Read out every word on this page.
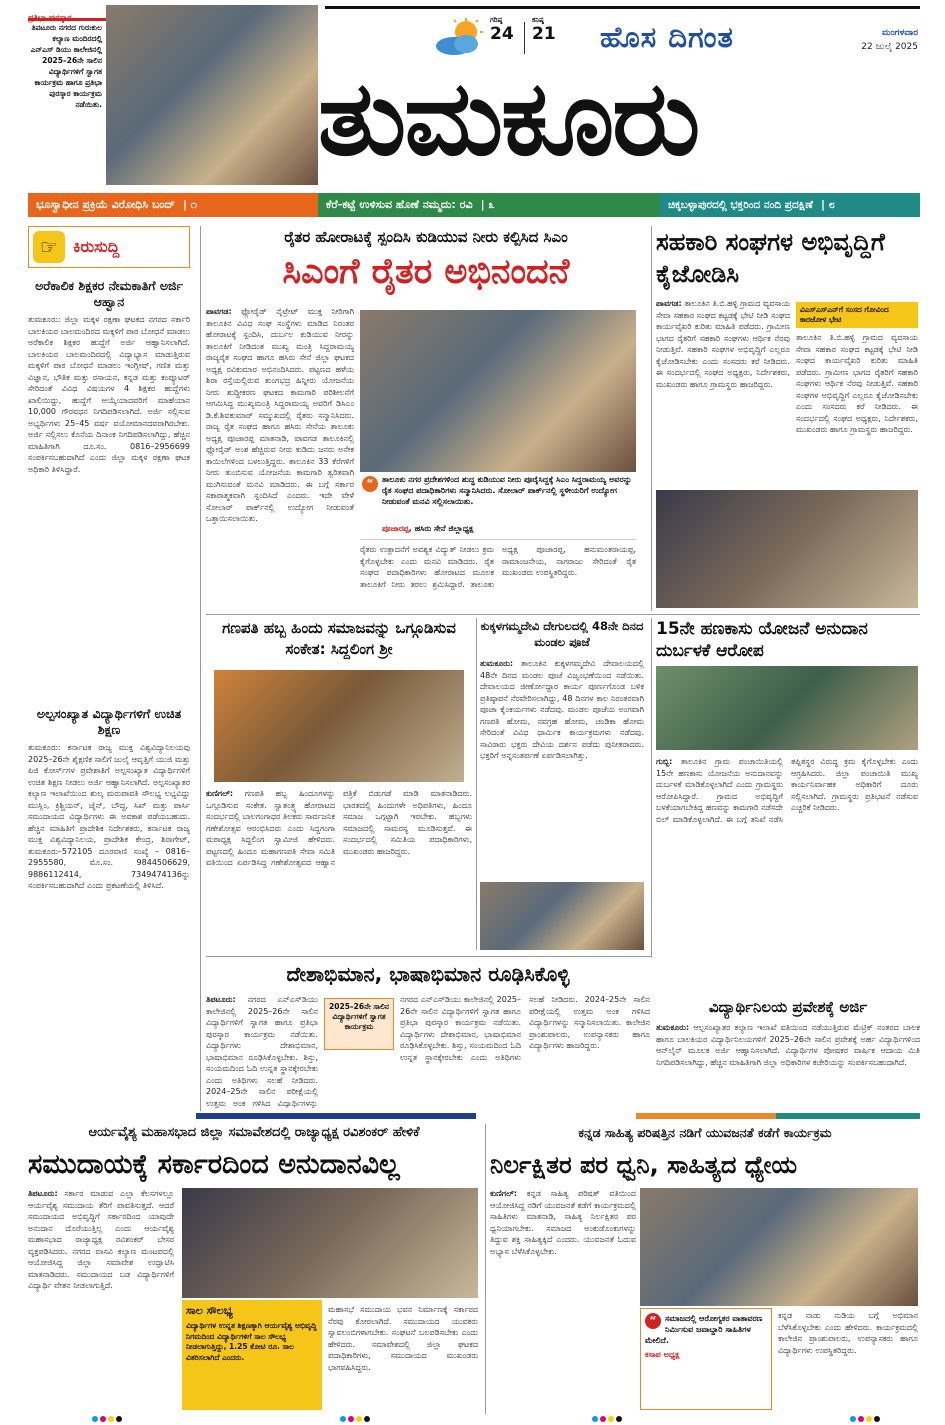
ತಿಪಟೂರು ನಗರದ ಗುರುಕುಲ ಕಲ್ಯಾಣ ಮಂದಿರದಲ್ಲಿ ಎನ್‌ಎಸ್ ಡಿಯು ಕಾಲೇಜಿನಲ್ಲಿ 2025–26ನೇ ಸಾಲಿನ ವಿದ್ಯಾರ್ಥಿಗಳಿಗೆ ಸ್ವಾಗತ ಕಾರ್ಯಕ್ರಮ ಹಾಗೂ ಪ್ರತಿಭಾ ಪುರಸ್ಕಾರ ಕಾರ್ಯಕ್ರಮ ನಡೆಯಿತು.
ಗರಿಷ್ಠ
24
ಕನಿಷ್ಠ
21	ಹೊಸ ದಿಗಂತ	ಮಂಗಳವಾರ
22 ಜುಲೈ 2025
ತುಮಕೂರು
ಭೂಸ್ವಾಧೀನ ಪ್ರಕ್ರಿಯೆ ವಿರೋಧಿಸಿ ಬಂದ್ | ೧	ಕೆರೆ-ಕಟ್ಟೆ ಉಳಿಸುವ ಹೊಣೆ ನಮ್ಮದು: ರವಿ | ೩	ಚಿಕ್ಕಬಳ್ಳಾಪುರದಲ್ಲಿ ಭಕ್ತರಿಂದ ನಂದಿ ಪ್ರದಕ್ಷಿಣೆ | ೮
☞ ಕಿರುಸುದ್ದಿ
ಅರೆಕಾಲಿಕ ಶಿಕ್ಷಕರ ನೇಮಕಾತಿಗೆ ಅರ್ಜಿ ಆಹ್ವಾನ
ತುಮಕೂರು: ಜಿಲ್ಲಾ ಮಕ್ಕಳ ರಕ್ಷಣಾ ಘಟಕದ ನಗರದ ಸರ್ಕಾರಿ ಬಾಲಕಿಯರ ಬಾಲಮಂದಿರದ ಮಕ್ಕಳಿಗೆ ಪಾಠ ಬೋಧನೆ ಮಾಡಲು ಅರೆಕಾಲಿಕ ಶಿಕ್ಷಕರ ಹುದ್ದೆಗೆ ಅರ್ಜಿ ಆಹ್ವಾನಿಸಲಾಗಿದೆ. ಬಾಲಕಿಯರ ಬಾಲಮಂದಿರದಲ್ಲಿ ವಿದ್ಯಾಭ್ಯಾಸ ಮಾಡುತ್ತಿರುವ ಮಕ್ಕಳಿಗೆ ಪಾಠ ಬೋಧನೆ ಮಾಡಲು ಇಂಗ್ಲೀಷ್, ಗಣಿತ ಮತ್ತು ವಿಜ್ಞಾನ, ಭೌತಿಕ ಮತ್ತು ರಸಾಯನ, ಕನ್ನಡ ಮತ್ತು ಕಂಪ್ಯೂಟರ್ ಸೇರಿದಂತೆ ವಿವಿಧ ವಿಷಯಗಳ 4 ಶಿಕ್ಷಕರ ಹುದ್ದೆಗಳು ಖಾಲಿಯಿದ್ದು, ಹುದ್ದೆಗೆ ಆಯ್ಕೆಯಾದವರಿಗೆ ಮಾಹೆಯಾನ 10,000 ಗೌರವಧನ ನಿಗದಿಪಡಿಸಲಾಗಿದೆ. ಅರ್ಜಿ ಸಲ್ಲಿಸುವ ಅಭ್ಯರ್ಥಿಗಳು 25–45 ವರ್ಷ ವಯೋಮಾನದವರಾಗಿರಬೇಕು. ಅರ್ಜಿ ಸಲ್ಲಿಸಲು ಕೊನೆಯ ದಿನಾಂಕ ನಿಗದಿಪಡಿಸಲಾಗಿದ್ದು, ಹೆಚ್ಚಿನ ಮಾಹಿತಿಗಾಗಿ ದೂ.ಸಂ. 0816–2956699 ಸಂಪರ್ಕಿಸಬಹುದಾಗಿದೆ ಎಂದು ಜಿಲ್ಲಾ ಮಕ್ಕಳ ರಕ್ಷಣಾ ಘಟಕ ಅಧಿಕಾರಿ ತಿಳಿಸಿದ್ದಾರೆ.
ಅಲ್ಪಸಂಖ್ಯಾತ ವಿದ್ಯಾರ್ಥಿಗಳಿಗೆ ಉಚಿತ ಶಿಕ್ಷಣ
ತುಮಕೂರು: ಕರ್ನಾಟಕ ರಾಜ್ಯ ಮುಕ್ತ ವಿಶ್ವವಿದ್ಯಾನಿಲಯವು 2025–26ನೇ ಶೈಕ್ಷಣಿಕ ಸಾಲಿಗೆ ಜುಲೈ ಆವೃತ್ತಿಗೆ ಯುಜಿ ಮತ್ತು ಪಿಜಿ ಕೋರ್ಸ್‌ಗಳ ಪ್ರವೇಶಾತಿಗೆ ಅಲ್ಪಸಂಖ್ಯಾತ ವಿದ್ಯಾರ್ಥಿಗಳಿಗೆ ಉಚಿತ ಶಿಕ್ಷಣ ನೀಡಲು ಅರ್ಜಿ ಆಹ್ವಾನಿಸಲಾಗಿದೆ. ಅಲ್ಪಸಂಖ್ಯಾತರ ಕಲ್ಯಾಣ ಇಲಾಖೆಯಿಂದ ಶುಲ್ಕ ಮರುಪಾವತಿ ಸೌಲಭ್ಯ ಲಭ್ಯವಿದ್ದು ಮುಸ್ಲಿಂ, ಕ್ರಿಶ್ಚಿಯನ್, ಜೈನ್, ಬೌದ್ಧ, ಸಿಖ್ ಮತ್ತು ಪಾರ್ಸಿ ಸಮುದಾಯದ ವಿದ್ಯಾರ್ಥಿಗಳು ಈ ಅವಕಾಶ ಪಡೆಯಬಹುದು. ಹೆಚ್ಚಿನ ಮಾಹಿತಿಗೆ ಪ್ರಾದೇಶಿಕ ನಿರ್ದೇಶಕರು, ಕರ್ನಾಟಕ ರಾಜ್ಯ ಮುಕ್ತ ವಿಶ್ವವಿದ್ಯಾನಿಲಯ, ಪ್ರಾದೇಶಿಕ ಕೇಂದ್ರ, ಶಿರಾಗೇಟ್, ತುಮಕೂರು–572105 ದೂರವಾಣಿ ಸಂಖ್ಯೆ – 0816–2955580, ಮೊ.ಸಂ. 9844506629, 9886112414, 7349474136ನ್ನು ಸಂಪರ್ಕಿಸಬಹುದಾಗಿದೆ ಎಂದು ಪ್ರಕಟಣೆಯಲ್ಲಿ ತಿಳಿಸಿದೆ.
ರೈತರ ಹೋರಾಟಕ್ಕೆ ಸ್ಪಂದಿಸಿ ಕುಡಿಯುವ ನೀರು ಕಲ್ಪಿಸಿದ ಸಿಎಂ
ಸಿಎಂಗೆ ರೈತರ ಅಭಿನಂದನೆ
ಪಾವಗಡ: ಫ್ಲೋರೈಡ್ ನೈಟ್ರೇಟ್ ಮುಕ್ತ ನೀರಿಗಾಗಿ ತಾಲೂಕಿನ ವಿವಿಧ ಸಂಘ ಸಂಸ್ಥೆಗಳು ಮಾಡಿದ ನಿರಂತರ ಹೋರಾಟಕ್ಕೆ ಸ್ಪಂದಿಸಿ, ದುರ್ಬಲ ಕುಡಿಯುವ ನೀರನ್ನು ತಾಲೂಕಿಗೆ ನೀಡಿದಂತ ಮುಖ್ಯ ಮಂತ್ರಿ ಸಿದ್ದರಾಮಯ್ಯ ರಾಜ್ಯರೈತ ಸಂಘದ ಹಾಗೂ ಹಸಿರು ಸೇನೆ ಜಿಲ್ಲಾ ಘಟಕದ ಅಧ್ಯಕ್ಷ ರವಿಕುಮಾರ ಅಭಿನಂದಿಸಿದರು. ಪಟ್ಟಣದ ಹಳೆಯ ಶಿರಾ ರಸ್ತೆಯಲ್ಲಿರುವ ತುಂಗಭದ್ರ ಹಿನ್ನೀರು ಯೋಜನೆಯ ನೀರು ಶುದ್ಧೀಕರಣ ಘಟಕದ ಕಾಮಗಾರಿ ಪರಿಶೀಲನೆಗೆ ಆಗಮಿಸಿದ್ದ ಮುಖ್ಯಮಂತ್ರಿ ಸಿದ್ದರಾಮಯ್ಯ ಅವರಿಗೆ ಡಿಸಿಎಂ ಡಿ.ಕೆ.ಶಿವಕುಮಾರ್ ಸಮ್ಮುಖದಲ್ಲಿ ರೈತರು ಸನ್ಮಾನಿಸಿದರು. ರಾಜ್ಯ ರೈತ ಸಂಘದ ಹಾಗೂ ಹಸಿರು ಸೇನೆಯ ತಾಲೂಕು ಅಧ್ಯಕ್ಷ ಪೂಜಾರಪ್ಪ ಮಾತನಾಡಿ, ಪಾವಗಡ ತಾಲೂಕಿನಲ್ಲಿ ಫ್ಲೋರೈಡ್ ಅಂಶ ಹೆಚ್ಚಿರುವ ನೀರು ಕುಡಿದು ಜನರು ಅನೇಕ ಕಾಯಿಲೆಗಳಿಂದ ಬಳಲುತ್ತಿದ್ದರು. ತಾಲೂಕಿನ 33 ಕೆರೆಗಳಿಗೆ ನೀರು ತುಂಬಿಸುವ ಯೋಜನೆಯ ಕಾಮಗಾರಿ ತ್ವರಿತವಾಗಿ ಮುಗಿಸುವಂತೆ ಮನವಿ ಮಾಡಿದರು. ಈ ಬಗ್ಗೆ ಸರ್ಕಾರ ಸಕಾರಾತ್ಮಕವಾಗಿ ಸ್ಪಂದಿಸಿದೆ ಎಂದರು. ಇದೇ ವೇಳೆ ಸೋಲಾರ್ ಪಾರ್ಕ್‌ನಲ್ಲಿ ಉದ್ಯೋಗ ನೀಡುವಂತೆ ಒತ್ತಾಯಿಸಲಾಯಿತು.
“	ತಾಲೂಕು ನಗರ ಪ್ರದೇಶಗಳಿಂದ ಶುದ್ಧ ಕುಡಿಯುವ ನೀರು ಪೂರೈಸಿದ್ದಕ್ಕೆ ಸಿಎಂ ಸಿದ್ದರಾಮಯ್ಯ ಅವರನ್ನು ರೈತ ಸಂಘದ ಪದಾಧಿಕಾರಿಗಳು ಸನ್ಮಾನಿಸಿದರು. ಸೋಲಾರ್ ಪಾರ್ಕ್‌ನಲ್ಲಿ ಸ್ಥಳೀಯರಿಗೆ ಉದ್ಯೋಗ ನೀಡುವಂತೆ ಮನವಿ ಸಲ್ಲಿಸಲಾಯಿತು.
ಪೂಜಾರಪ್ಪ, ಹಸಿರು ಸೇನೆ ಜಿಲ್ಲಾಧ್ಯಕ್ಷ
ರೈತರು ಉತ್ಪಾದನೆಗೆ ಅವಶ್ಯಕ ವಿದ್ಯುತ್ ನೀಡಲು ಕ್ರಮ ಕೈಗೊಳ್ಳಬೇಕು ಎಂದು ಮನವಿ ಮಾಡಿದರು. ರೈತ ಸಂಘದ ಪದಾಧಿಕಾರಿಗಳು ಹೋರಾಟದ ಮೂಲಕ ತಾಲೂಕಿಗೆ ನೀರು ತರಲು ಶ್ರಮಿಸಿದ್ದಾರೆ. ತಾಲೂಕು ಅಧ್ಯಕ್ಷ ಪೂಜಾರಪ್ಪ, ಹನುಮಂತರಾಯಪ್ಪ, ರಾಮಾಂಜನೇಯ, ನಾಗರಾಜು ಸೇರಿದಂತೆ ರೈತ ಮುಖಂಡರು ಉಪಸ್ಥಿತರಿದ್ದರು.
ಸಹಕಾರಿ ಸಂಘಗಳ ಅಭಿವೃದ್ದಿಗೆ ಕೈಜೋಡಿಸಿ
ಪಾವಗಡ: ತಾಲೂಕಿನ ತಿ.ಬಿ.ಹಳ್ಳಿ ಗ್ರಾಮದ ವ್ಯವಸಾಯ ಸೇವಾ ಸಹಕಾರ ಸಂಘದ ಕಟ್ಟಡಕ್ಕೆ ಭೇಟಿ ನೀಡಿ ಸಂಘದ ಕಾರ್ಯವೈಖರಿ ಕುರಿತು ಮಾಹಿತಿ ಪಡೆದರು. ಗ್ರಾಮೀಣ ಭಾಗದ ರೈತರಿಗೆ ಸಹಕಾರಿ ಸಂಘಗಳು ಆರ್ಥಿಕ ನೆರವು ನೀಡುತ್ತಿವೆ. ಸಹಕಾರಿ ಸಂಘಗಳ ಅಭಿವೃದ್ಧಿಗೆ ಎಲ್ಲರೂ ಕೈಜೋಡಿಸಬೇಕು ಎಂದು ಸಂಸದರು ಕರೆ ನೀಡಿದರು. ಈ ಸಂದರ್ಭದಲ್ಲಿ ಸಂಘದ ಅಧ್ಯಕ್ಷರು, ನಿರ್ದೇಶಕರು, ಮುಖಂಡರು ಹಾಗೂ ಗ್ರಾಮಸ್ಥರು ಹಾಜರಿದ್ದರು.
ವಿಎಸ್‌ಎಸ್‌ಎನ್‌ಗೆ ಸಂಸದ ಗೋವಿಂದ ಕಾರಜೋಳ ಭೇಟಿ
ತಾಲೂಕಿನ ತಿ.ಬಿ.ಹಳ್ಳಿ ಗ್ರಾಮದ ವ್ಯವಸಾಯ ಸೇವಾ ಸಹಕಾರ ಸಂಘದ ಕಟ್ಟಡಕ್ಕೆ ಭೇಟಿ ನೀಡಿ ಸಂಘದ ಕಾರ್ಯವೈಖರಿ ಕುರಿತು ಮಾಹಿತಿ ಪಡೆದರು. ಗ್ರಾಮೀಣ ಭಾಗದ ರೈತರಿಗೆ ಸಹಕಾರಿ ಸಂಘಗಳು ಆರ್ಥಿಕ ನೆರವು ನೀಡುತ್ತಿವೆ. ಸಹಕಾರಿ ಸಂಘಗಳ ಅಭಿವೃದ್ಧಿಗೆ ಎಲ್ಲರೂ ಕೈಜೋಡಿಸಬೇಕು ಎಂದು ಸಂಸದರು ಕರೆ ನೀಡಿದರು. ಈ ಸಂದರ್ಭದಲ್ಲಿ ಸಂಘದ ಅಧ್ಯಕ್ಷರು, ನಿರ್ದೇಶಕರು, ಮುಖಂಡರು ಹಾಗೂ ಗ್ರಾಮಸ್ಥರು ಹಾಜರಿದ್ದರು.
ಗಣಪತಿ ಹಬ್ಬ ಹಿಂದು ಸಮಾಜವನ್ನು ಒಗ್ಗೂಡಿಸುವ ಸಂಕೇತ: ಸಿದ್ದಲಿಂಗ ಶ್ರೀ
ಕುಣಿಗಲ್: ಗಣಪತಿ ಹಬ್ಬ ಹಿಂದೂಗಳನ್ನು ಒಗ್ಗೂಡಿಸುವ ಸಂಕೇತ. ಸ್ವಾತಂತ್ರ್ಯ ಹೋರಾಟದ ಸಂದರ್ಭದಲ್ಲಿ ಬಾಲಗಂಗಾಧರ ತಿಲಕರು ಸಾರ್ವಜನಿಕ ಗಣೇಶೋತ್ಸವ ಆರಂಭಿಸಿದರು ಎಂದು ಸಿದ್ದಗಂಗಾ ಮಠಾಧ್ಯಕ್ಷ ಸಿದ್ದಲಿಂಗ ಸ್ವಾಮೀಜಿ ಹೇಳಿದರು. ಪಟ್ಟಣದಲ್ಲಿ ಹಿಂದೂ ಮಹಾಗಣಪತಿ ಸೇವಾ ಸಮಿತಿ ವತಿಯಿಂದ ಏರ್ಪಡಿಸಿದ್ದ ಗಣೇಶೋತ್ಸವದ ಆಹ್ವಾನ ಪತ್ರಿಕೆ ಬಿಡುಗಡೆ ಮಾಡಿ ಮಾತನಾಡಿದರು. ಭಾರತದಲ್ಲಿ ಹಿಂದುಗಳೇ ಅಧಿಪತಿಗಳು, ಹಿಂದೂ ಸಮಾಜ ಒಗ್ಗಟ್ಟಾಗಿ ಇರಬೇಕು. ಹಬ್ಬಗಳು ಸಮಾಜದಲ್ಲಿ ಸಾಮರಸ್ಯ ಮೂಡಿಸುತ್ತವೆ. ಈ ಸಂದರ್ಭದಲ್ಲಿ ಸಮಿತಿಯ ಪದಾಧಿಕಾರಿಗಳು, ಮುಖಂಡರು ಹಾಜರಿದ್ದರು.
ಕುಕ್ಕಳಗಮ್ಮದೇವಿ ದೇಗುಲದಲ್ಲಿ 48ನೇ ದಿನದ ಮಂಡಲ ಪೂಜೆ
ತುಮಕೂರು: ತಾಲೂಕಿನ ಕುಕ್ಕಳಗಮ್ಮದೇವಿ ದೇವಾಲಯದಲ್ಲಿ 48ನೇ ದಿನದ ಮಂಡಲ ಪೂಜೆ ವಿಜೃಂಭಣೆಯಿಂದ ನಡೆಯಿತು. ದೇವಾಲಯದ ಜೀರ್ಣೋದ್ಧಾರ ಕಾರ್ಯ ಪೂರ್ಣಗೊಂಡ ಬಳಿಕ ಪ್ರತಿಷ್ಠಾಪನೆ ನೆರವೇರಿಸಲಾಗಿದ್ದು, 48 ದಿನಗಳ ಕಾಲ ನಿರಂತರವಾಗಿ ಪೂಜಾ ಕೈಂಕರ್ಯಗಳು ನಡೆದವು. ಮಂಡಲ ಪೂಜೆಯ ಅಂಗವಾಗಿ ಗಣಪತಿ ಹೋಮ, ನವಗ್ರಹ ಹೋಮ, ಚಂಡಿಕಾ ಹೋಮ ಸೇರಿದಂತೆ ವಿವಿಧ ಧಾರ್ಮಿಕ ಕಾರ್ಯಕ್ರಮಗಳು ನಡೆದವು. ಸಾವಿರಾರು ಭಕ್ತರು ದೇವಿಯ ದರ್ಶನ ಪಡೆದು ಪುನೀತರಾದರು. ಭಕ್ತರಿಗೆ ಅನ್ನಸಂತರ್ಪಣೆ ಏರ್ಪಡಿಸಲಾಗಿತ್ತು.
15ನೇ ಹಣಕಾಸು ಯೋಜನೆ ಅನುದಾನ ದುರ್ಬಳಕೆ ಆರೋಪ
ಗುಬ್ಬಿ: ತಾಲೂಕಿನ ಗ್ರಾಮ ಪಂಚಾಯಿತಿಯಲ್ಲಿ 15ನೇ ಹಣಕಾಸು ಯೋಜನೆಯ ಅನುದಾನವನ್ನು ದುರ್ಬಳಕೆ ಮಾಡಿಕೊಳ್ಳಲಾಗಿದೆ ಎಂದು ಗ್ರಾಮಸ್ಥರು ಆರೋಪಿಸಿದ್ದಾರೆ. ಗ್ರಾಮದ ಅಭಿವೃದ್ಧಿಗೆ ಬಳಕೆಯಾಗಬೇಕಿದ್ದ ಹಣವನ್ನು ಕಾಮಗಾರಿ ನಡೆಸದೇ ಬಿಲ್ ಮಾಡಿಕೊಳ್ಳಲಾಗಿದೆ. ಈ ಬಗ್ಗೆ ತನಿಖೆ ನಡೆಸಿ ತಪ್ಪಿತಸ್ಥರ ವಿರುದ್ಧ ಕ್ರಮ ಕೈಗೊಳ್ಳಬೇಕು ಎಂದು ಆಗ್ರಹಿಸಿದರು. ಜಿಲ್ಲಾ ಪಂಚಾಯಿತಿ ಮುಖ್ಯ ಕಾರ್ಯನಿರ್ವಾಹಕ ಅಧಿಕಾರಿಗೆ ದೂರು ಸಲ್ಲಿಸಲಾಗಿದೆ. ಗ್ರಾಮಸ್ಥರು ಪ್ರತಿಭಟನೆ ನಡೆಸುವ ಎಚ್ಚರಿಕೆ ನೀಡಿದರು.
ದೇಶಾಭಿಮಾನ, ಭಾಷಾಭಿಮಾನ ರೂಢಿಸಿಕೊಳ್ಳಿ
ತಿಪಟೂರು: ನಗರದ ಎನ್‌ಎಸ್‌ಡಿಯು ಕಾಲೇಜಿನಲ್ಲಿ 2025–26ನೇ ಸಾಲಿನ ವಿದ್ಯಾರ್ಥಿಗಳಿಗೆ ಸ್ವಾಗತ ಹಾಗೂ ಪ್ರತಿಭಾ ಪುರಸ್ಕಾರ ಕಾರ್ಯಕ್ರಮ ನಡೆಯಿತು. ವಿದ್ಯಾರ್ಥಿಗಳು ದೇಶಾಭಿಮಾನ, ಭಾಷಾಭಿಮಾನ ರೂಢಿಸಿಕೊಳ್ಳಬೇಕು. ಶಿಸ್ತು, ಸಂಯಮದಿಂದ ಓದಿ ಉನ್ನತ ಸ್ಥಾನಕ್ಕೇರಬೇಕು ಎಂದು ಅತಿಥಿಗಳು ಸಲಹೆ ನೀಡಿದರು. 2024–25ನೇ ಸಾಲಿನ ಪರೀಕ್ಷೆಯಲ್ಲಿ ಉತ್ತಮ ಅಂಕ ಗಳಿಸಿದ ವಿದ್ಯಾರ್ಥಿಗಳನ್ನು
2025–26ನೇ ಸಾಲಿನ ವಿದ್ಯಾರ್ಥಿಗಳಿಗೆ ಸ್ವಾಗತ ಕಾರ್ಯಕ್ರಮ
ನಗರದ ಎನ್‌ಎಸ್‌ಡಿಯು ಕಾಲೇಜಿನಲ್ಲಿ 2025–26ನೇ ಸಾಲಿನ ವಿದ್ಯಾರ್ಥಿಗಳಿಗೆ ಸ್ವಾಗತ ಹಾಗೂ ಪ್ರತಿಭಾ ಪುರಸ್ಕಾರ ಕಾರ್ಯಕ್ರಮ ನಡೆಯಿತು. ವಿದ್ಯಾರ್ಥಿಗಳು ದೇಶಾಭಿಮಾನ, ಭಾಷಾಭಿಮಾನ ರೂಢಿಸಿಕೊಳ್ಳಬೇಕು. ಶಿಸ್ತು, ಸಂಯಮದಿಂದ ಓದಿ ಉನ್ನತ ಸ್ಥಾನಕ್ಕೇರಬೇಕು ಎಂದು ಅತಿಥಿಗಳು ಸಲಹೆ ನೀಡಿದರು. 2024–25ನೇ ಸಾಲಿನ ಪರೀಕ್ಷೆಯಲ್ಲಿ ಉತ್ತಮ ಅಂಕ ಗಳಿಸಿದ ವಿದ್ಯಾರ್ಥಿಗಳನ್ನು ಸನ್ಮಾನಿಸಲಾಯಿತು. ಕಾಲೇಜಿನ ಪ್ರಾಂಶುಪಾಲರು, ಉಪನ್ಯಾಸಕರು ಹಾಗೂ ವಿದ್ಯಾರ್ಥಿಗಳು ಹಾಜರಿದ್ದರು.
ವಿದ್ಯಾರ್ಥಿನಿಲಯ ಪ್ರವೇಶಕ್ಕೆ ಅರ್ಜಿ
ತುಮಕೂರು: ಆಲ್ಪಸಂಖ್ಯಾತರ ಕಲ್ಯಾಣ ಇಲಾಖೆ ವತಿಯಿಂದ ನಡೆಯುತ್ತಿರುವ ಮೆಟ್ರಿಕ್ ನಂತರದ ಬಾಲಕ ಹಾಗೂ ಬಾಲಕಿಯರ ವಿದ್ಯಾರ್ಥಿನಿಲಯಗಳಿಗೆ 2025–26ನೇ ಸಾಲಿನ ಪ್ರವೇಶಕ್ಕೆ ಅರ್ಹ ವಿದ್ಯಾರ್ಥಿಗಳಿಂದ ಆನ್‌ಲೈನ್ ಮೂಲಕ ಅರ್ಜಿ ಆಹ್ವಾನಿಸಲಾಗಿದೆ. ವಿದ್ಯಾರ್ಥಿಗಳ ಪೋಷಕರ ವಾರ್ಷಿಕ ಆದಾಯ ಮಿತಿ ನಿಗದಿಪಡಿಸಲಾಗಿದ್ದು, ಹೆಚ್ಚಿನ ಮಾಹಿತಿಗಾಗಿ ಜಿಲ್ಲಾ ಅಧಿಕಾರಿಗಳ ಕಚೇರಿಯನ್ನು ಸಂಪರ್ಕಿಸಬಹುದಾಗಿದೆ.
ಆರ್ಯವೈಶ್ಯ ಮಹಾಸಭಾದ ಜಿಲ್ಲಾ ಸಮಾವೇಶದಲ್ಲಿ ರಾಜ್ಯಾಧ್ಯಕ್ಷ ರವಿಶಂಕರ್ ಹೇಳಿಕೆ
ಸಮುದಾಯಕ್ಕೆ ಸರ್ಕಾರದಿಂದ ಅನುದಾನವಿಲ್ಲ
ತಿಪಟೂರು: ಸರ್ಕಾರ ಮಾಡುವ ಎಲ್ಲಾ ಕೆಲಸಗಳಲ್ಲೂ ಆರ್ಯವೈಶ್ಯ ಸಮುದಾಯ ತೆರಿಗೆ ಪಾವತಿಸುತ್ತದೆ. ಆದರೆ ಸಮುದಾಯದ ಅಭಿವೃದ್ಧಿಗೆ ಸರ್ಕಾರದಿಂದ ಯಾವುದೇ ಅನುದಾನ ದೊರೆಯುತ್ತಿಲ್ಲ ಎಂದು ಆರ್ಯವೈಶ್ಯ ಮಹಾಸಭಾದ ರಾಜ್ಯಾಧ್ಯಕ್ಷ ರವಿಶಂಕರ್ ಬೇಸರ ವ್ಯಕ್ತಪಡಿಸಿದರು. ನಗರದ ವಾಸವಿ ಕಲ್ಯಾಣ ಮಂಟಪದಲ್ಲಿ ಆಯೋಜಿಸಿದ್ದ ಜಿಲ್ಲಾ ಸಮಾವೇಶ ಉದ್ಘಾಟಿಸಿ ಮಾತನಾಡಿದರು. ಸಮುದಾಯದ ಬಡ ವಿದ್ಯಾರ್ಥಿಗಳಿಗೆ ವಿದ್ಯಾರ್ಥಿ ವೇತನ ನೀಡಲಾಗುತ್ತಿದೆ.
ಸಾಲ ಸೌಲಭ್ಯ
ವಿದ್ಯಾರ್ಥಿಗಳ ಉನ್ನತ ಶಿಕ್ಷಣಕ್ಕಾಗಿ ಆರ್ಯವೈಶ್ಯ ಅಭಿವೃದ್ಧಿ ನಿಗಮದಿಂದ ವಿದ್ಯಾರ್ಥಿಗಳಿಗೆ ಸಾಲ ಸೌಲಭ್ಯ ನೀಡಲಾಗುತ್ತಿದ್ದು, 1.25 ಕೋಟಿ ರೂ. ಸಾಲ ವಿತರಿಸಲಾಗಿದೆ ಎಂದರು.
ಮಹಾಸಭೆ ಸಮುದಾಯ ಭವನ ನಿರ್ಮಾಣಕ್ಕೆ ಸರ್ಕಾರದ ನೆರವು ಕೋರಲಾಗಿದೆ. ಸಮುದಾಯದ ಯುವಕರು ಸ್ವಾವಲಂಬಿಗಳಾಗಬೇಕು. ಸಂಘಟನೆ ಬಲಪಡಿಸಬೇಕು ಎಂದು ಹೇಳಿದರು. ಸಮಾವೇಶದಲ್ಲಿ ಜಿಲ್ಲಾ ಘಟಕದ ಪದಾಧಿಕಾರಿಗಳು, ಸಮುದಾಯದ ಮುಖಂಡರು ಭಾಗವಹಿಸಿದ್ದರು.
ಕನ್ನಡ ಸಾಹಿತ್ಯ ಪರಿಷತ್ತಿನ ನಡಿಗೆ ಯುವಜನತೆ ಕಡೆಗೆ ಕಾರ್ಯಕ್ರಮ
ನಿರ್ಲಕ್ಷಿತರ ಪರ ಧ್ವನಿ, ಸಾಹಿತ್ಯದ ಧ್ಯೇಯ
ಕುಣಿಗಲ್: ಕನ್ನಡ ಸಾಹಿತ್ಯ ಪರಿಷತ್ ವತಿಯಿಂದ ಆಯೋಜಿಸಿದ್ದ ನಡಿಗೆ ಯುವಜನತೆ ಕಡೆಗೆ ಕಾರ್ಯಕ್ರಮದಲ್ಲಿ ಸಾಹಿತಿಗಳು ಮಾತನಾಡಿ, ಸಾಹಿತ್ಯ ನಿರ್ಲಕ್ಷಿತರ ಪರ ಧ್ವನಿಯಾಗಬೇಕು. ಸಮಾಜದ ಅಂಕುಡೊಂಕುಗಳನ್ನು ತಿದ್ದುವ ಶಕ್ತಿ ಸಾಹಿತ್ಯಕ್ಕಿದೆ ಎಂದರು. ಯುವಜನತೆ ಓದುವ ಅಭ್ಯಾಸ ಬೆಳೆಸಿಕೊಳ್ಳಬೇಕು.
“	ಸಮಾಜದಲ್ಲಿ ಆರೋಗ್ಯಕರ ವಾತಾವರಣ ನಿರ್ಮಿಸುವ ಜವಾಬ್ದಾರಿ ಸಾಹಿತಿಗಳ ಮೇಲಿದೆ.
ಕಸಾಪ ಅಧ್ಯಕ್ಷ
ಕನ್ನಡ ನಾಡು ನುಡಿಯ ಬಗ್ಗೆ ಅಭಿಮಾನ ಬೆಳೆಸಿಕೊಳ್ಳಬೇಕು ಎಂದು ಹೇಳಿದರು. ಕಾರ್ಯಕ್ರಮದಲ್ಲಿ ಕಾಲೇಜಿನ ಪ್ರಾಂಶುಪಾಲರು, ಉಪನ್ಯಾಸಕರು ಹಾಗೂ ವಿದ್ಯಾರ್ಥಿಗಳು ಉಪಸ್ಥಿತರಿದ್ದರು.
